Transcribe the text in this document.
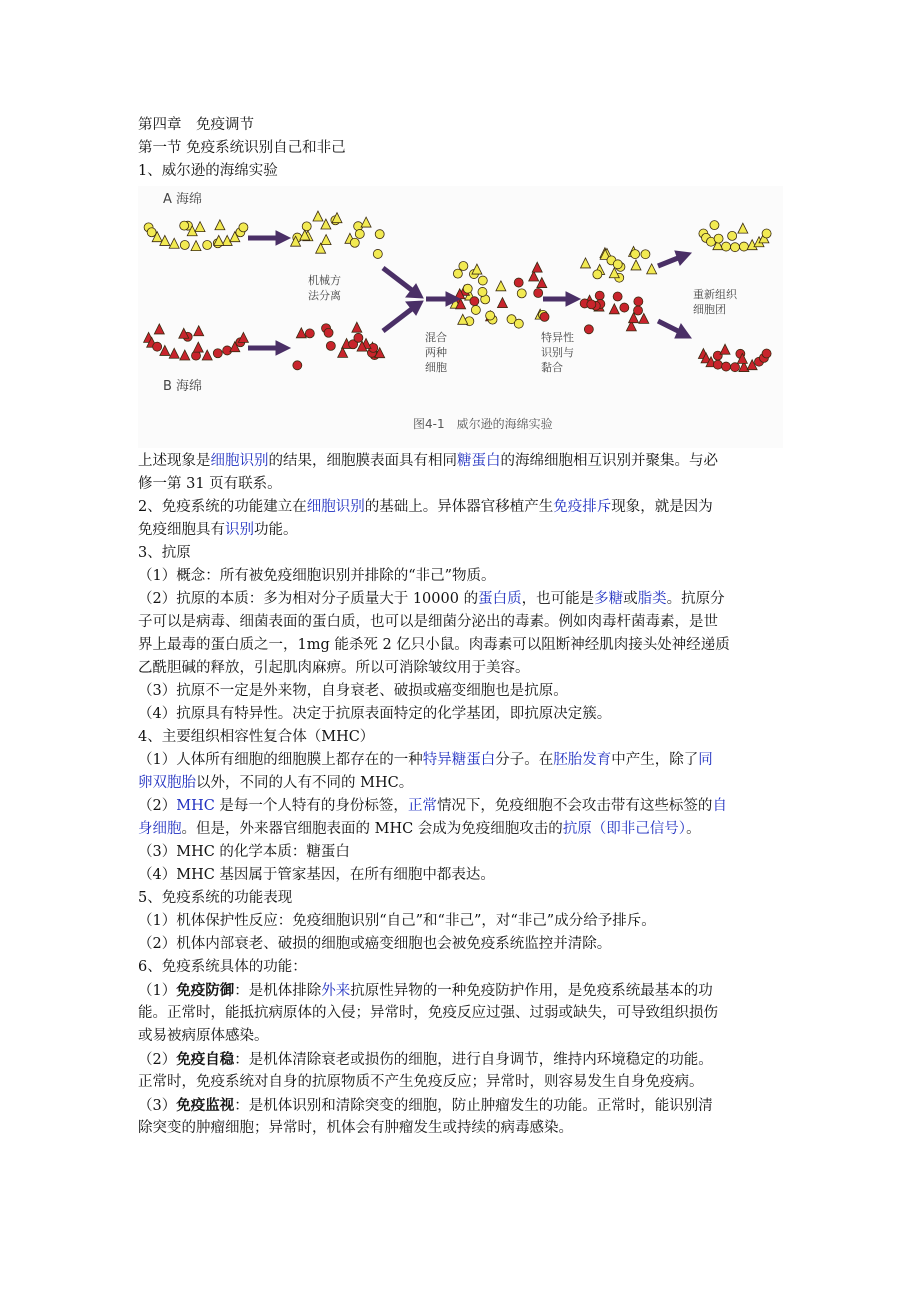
第四章　免疫调节
第一节 免疫系统识别自己和非己
1、威尔逊的海绵实验
A 海绵
B 海绵
机械方
法分离
混合
两种
细胞
特异性
识别与
黏合
重新组织
细胞团
图4-1　威尔逊的海绵实验
上述现象是细胞识别的结果，细胞膜表面具有相同糖蛋白的海绵细胞相互识别并聚集。与必
修一第 31 页有联系。
2、免疫系统的功能建立在细胞识别的基础上。异体器官移植产生免疫排斥现象，就是因为
免疫细胞具有识别功能。
3、抗原
（1）概念：所有被免疫细胞识别并排除的“非己”物质。
（2）抗原的本质：多为相对分子质量大于 10000 的蛋白质，也可能是多糖或脂类。抗原分
子可以是病毒、细菌表面的蛋白质，也可以是细菌分泌出的毒素。例如肉毒杆菌毒素，是世
界上最毒的蛋白质之一，1mg 能杀死 2 亿只小鼠。肉毒素可以阻断神经肌肉接头处神经递质
乙酰胆碱的释放，引起肌肉麻痹。所以可消除皱纹用于美容。
（3）抗原不一定是外来物，自身衰老、破损或癌变细胞也是抗原。
（4）抗原具有特异性。决定于抗原表面特定的化学基团，即抗原决定簇。
4、主要组织相容性复合体（MHC）
（1）人体所有细胞的细胞膜上都存在的一种特异糖蛋白分子。在胚胎发育中产生，除了同
卵双胞胎以外，不同的人有不同的 MHC。
（2）MHC 是每一个人特有的身份标签，正常情况下，免疫细胞不会攻击带有这些标签的自
身细胞。但是，外来器官细胞表面的 MHC 会成为免疫细胞攻击的抗原（即非己信号）。
（3）MHC 的化学本质：糖蛋白
（4）MHC 基因属于管家基因，在所有细胞中都表达。
5、免疫系统的功能表现
（1）机体保护性反应：免疫细胞识别“自己”和“非己”，对“非己”成分给予排斥。
（2）机体内部衰老、破损的细胞或癌变细胞也会被免疫系统监控并清除。
6、免疫系统具体的功能：
（1）免疫防御：是机体排除外来抗原性异物的一种免疫防护作用，是免疫系统最基本的功
能。正常时，能抵抗病原体的入侵；异常时，免疫反应过强、过弱或缺失，可导致组织损伤
或易被病原体感染。
（2）免疫自稳：是机体清除衰老或损伤的细胞，进行自身调节，维持内环境稳定的功能。
正常时，免疫系统对自身的抗原物质不产生免疫反应；异常时，则容易发生自身免疫病。
（3）免疫监视：是机体识别和清除突变的细胞，防止肿瘤发生的功能。正常时，能识别清
除突变的肿瘤细胞；异常时，机体会有肿瘤发生或持续的病毒感染。
